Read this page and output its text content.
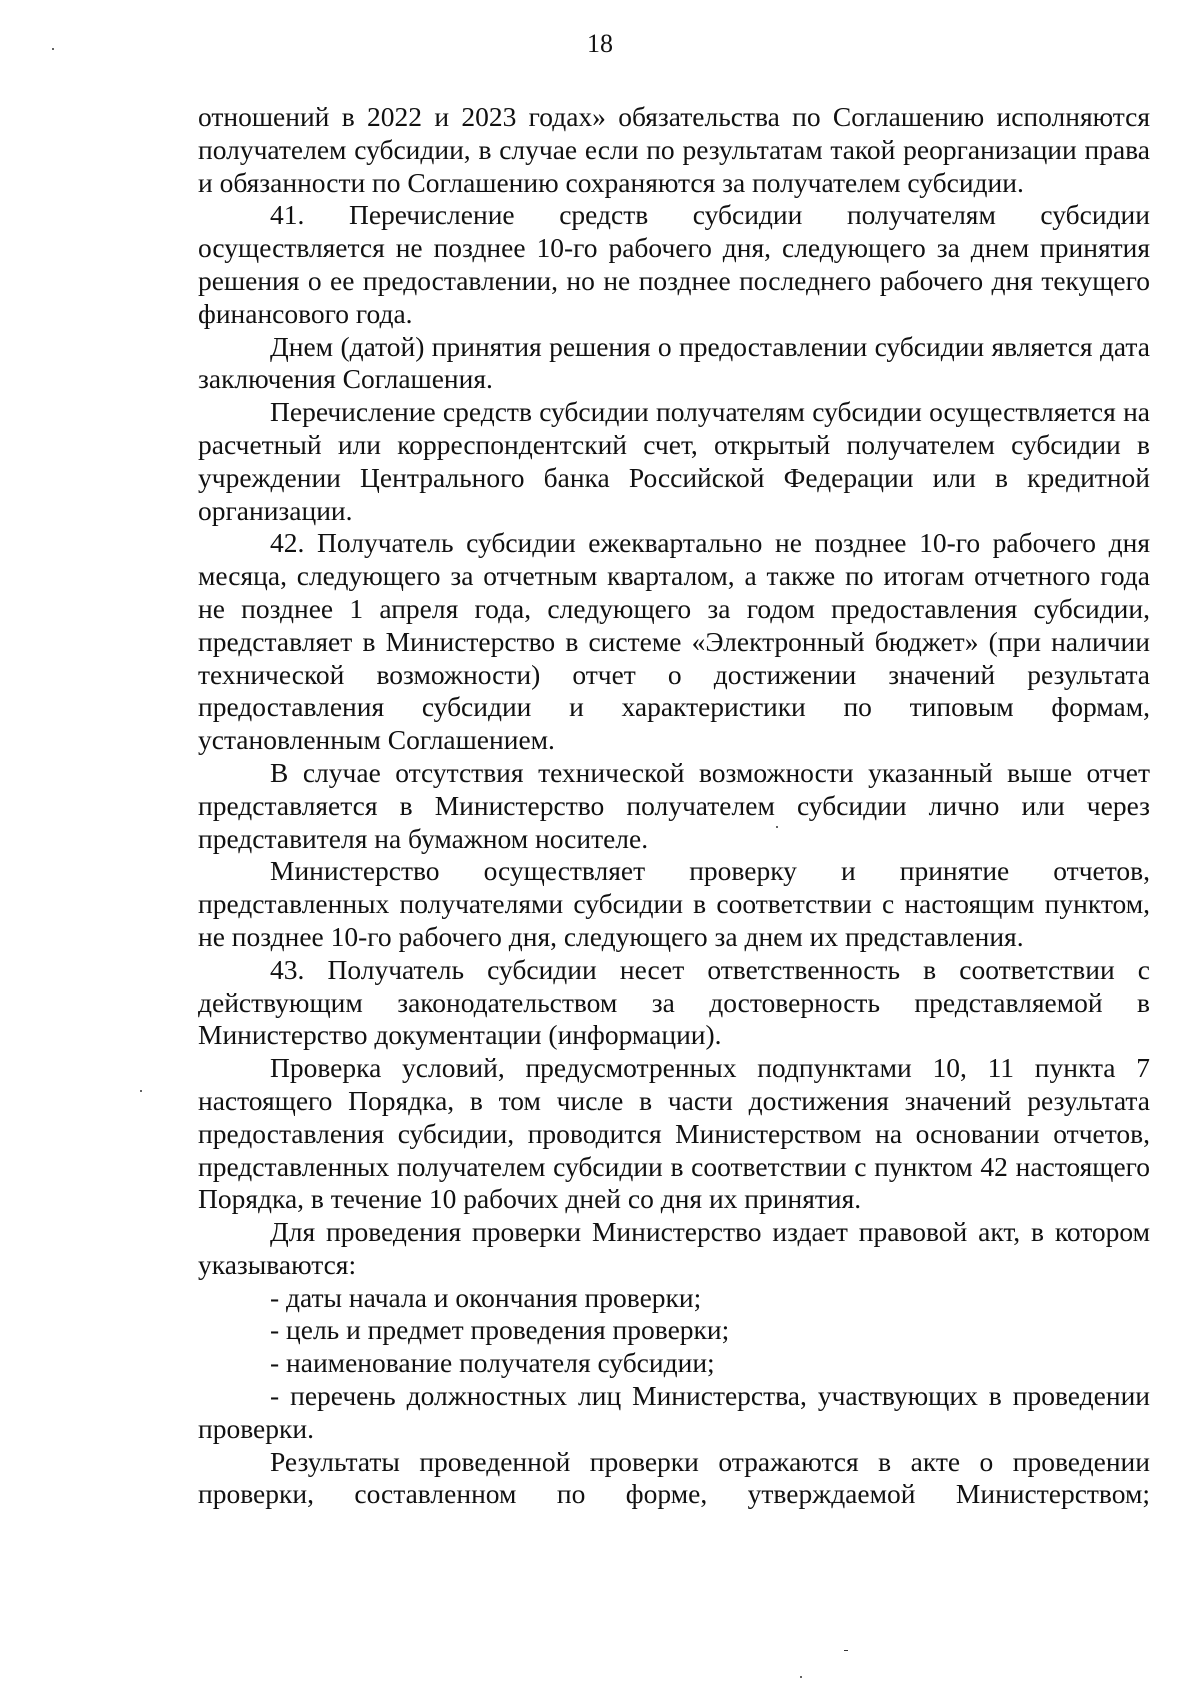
18

отношений в 2022 и 2023 годах» обязательства по Соглашению исполняются получателем субсидии, в случае если по результатам такой реорганизации права и обязанности по Соглашению сохраняются за получателем субсидии.

41. Перечисление средств субсидии получателям субсидии осуществляется не позднее 10-го рабочего дня, следующего за днем принятия решения о ее предоставлении, но не позднее последнего рабочего дня текущего финансового года.

Днем (датой) принятия решения о предоставлении субсидии является дата заключения Соглашения.

Перечисление средств субсидии получателям субсидии осуществляется на расчетный или корреспондентский счет, открытый получателем субсидии в учреждении Центрального банка Российской Федерации или в кредитной организации.

42. Получатель субсидии ежеквартально не позднее 10-го рабочего дня месяца, следующего за отчетным кварталом, а также по итогам отчетного года не позднее 1 апреля года, следующего за годом предоставления субсидии, представляет в Министерство в системе «Электронный бюджет» (при наличии технической возможности) отчет о достижении значений результата предоставления субсидии и характеристики по типовым формам, установленным Соглашением.

В случае отсутствия технической возможности указанный выше отчет представляется в Министерство получателем субсидии лично или через представителя на бумажном носителе.

Министерство осуществляет проверку и принятие отчетов, представленных получателями субсидии в соответствии с настоящим пунктом, не позднее 10-го рабочего дня, следующего за днем их представления.

43. Получатель субсидии несет ответственность в соответствии с действующим законодательством за достоверность представляемой в Министерство документации (информации).

Проверка условий, предусмотренных подпунктами 10, 11 пункта 7 настоящего Порядка, в том числе в части достижения значений результата предоставления субсидии, проводится Министерством на основании отчетов, представленных получателем субсидии в соответствии с пунктом 42 настоящего Порядка, в течение 10 рабочих дней со дня их принятия.

Для проведения проверки Министерство издает правовой акт, в котором указываются:

- даты начала и окончания проверки;

- цель и предмет проведения проверки;

- наименование получателя субсидии;

- перечень должностных лиц Министерства, участвующих в проведении проверки.

Результаты проведенной проверки отражаются в акте о проведении проверки, составленном по форме, утверждаемой Министерством;
